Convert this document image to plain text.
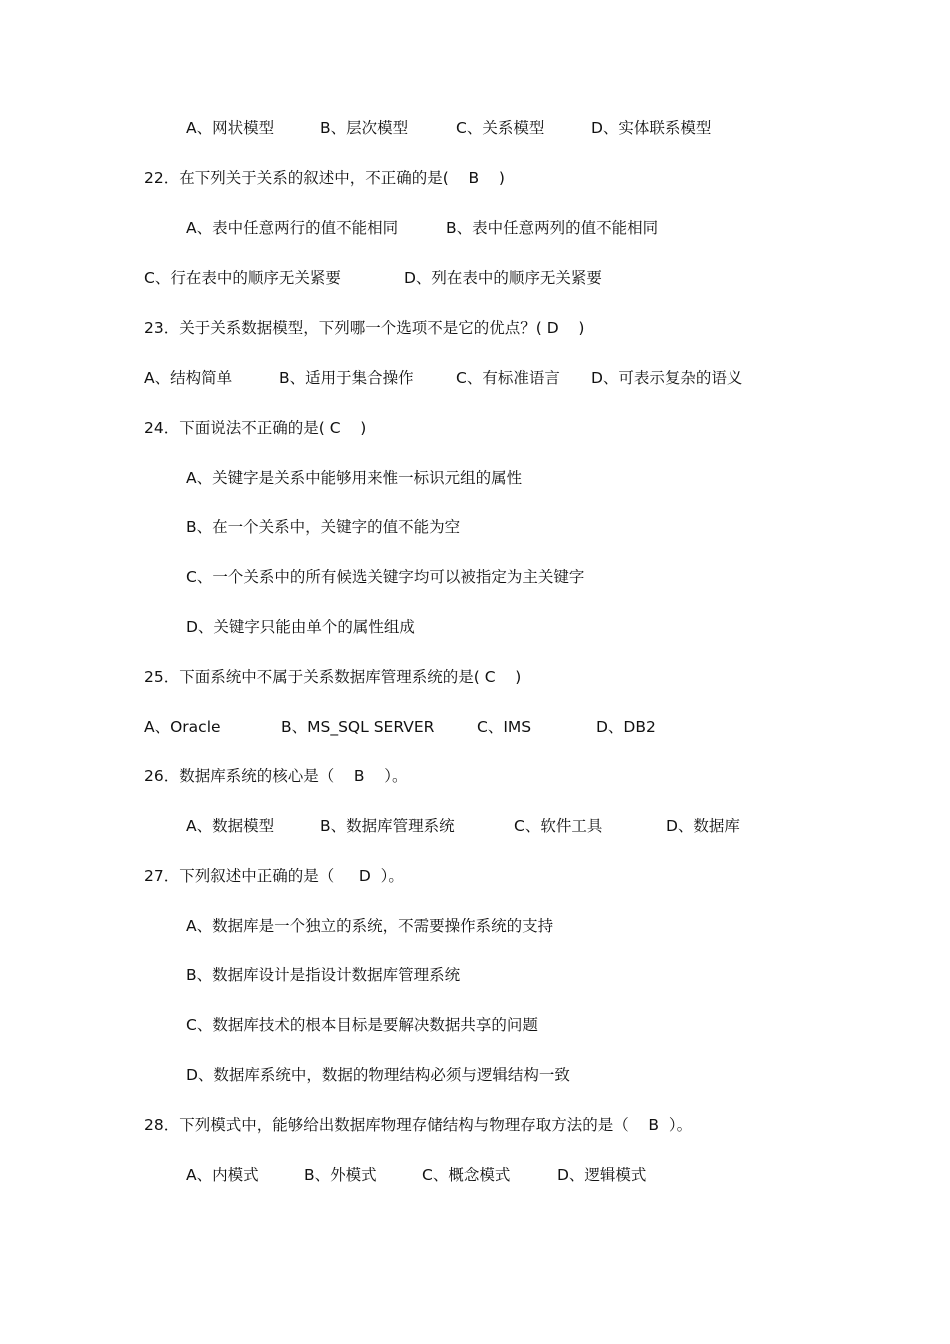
A、网状模型	B、层次模型	C、关系模型	D、实体联系模型
22．在下列关于关系的叙述中，不正确的是(    B    )
A、表中任意两行的值不能相同	B、表中任意两列的值不能相同
C、行在表中的顺序无关紧要	D、列在表中的顺序无关紧要
23．关于关系数据模型，下列哪一个选项不是它的优点？( D    )
A、结构简单	B、适用于集合操作	C、有标准语言 D、可表示复杂的语义
24．下面说法不正确的是( C    )
A、关键字是关系中能够用来惟一标识元组的属性
B、在一个关系中，关键字的值不能为空
C、一个关系中的所有候选关键字均可以被指定为主关键字
D、关键字只能由单个的属性组成
25．下面系统中不属于关系数据库管理系统的是( C    )
A、Oracle	B、MS_SQL SERVER	C、IMS	D、DB2
26．数据库系统的核心是（    B    ）。
A、数据模型	B、数据库管理系统	C、软件工具	D、数据库
27．下列叙述中正确的是（     D  ）。
A、数据库是一个独立的系统，不需要操作系统的支持
B、数据库设计是指设计数据库管理系统
C、数据库技术的根本目标是要解决数据共享的问题
D、数据库系统中，数据的物理结构必须与逻辑结构一致
28．下列模式中，能够给出数据库物理存储结构与物理存取方法的是（    B  ）。
A、内模式	B、外模式	C、概念模式	D、逻辑模式
